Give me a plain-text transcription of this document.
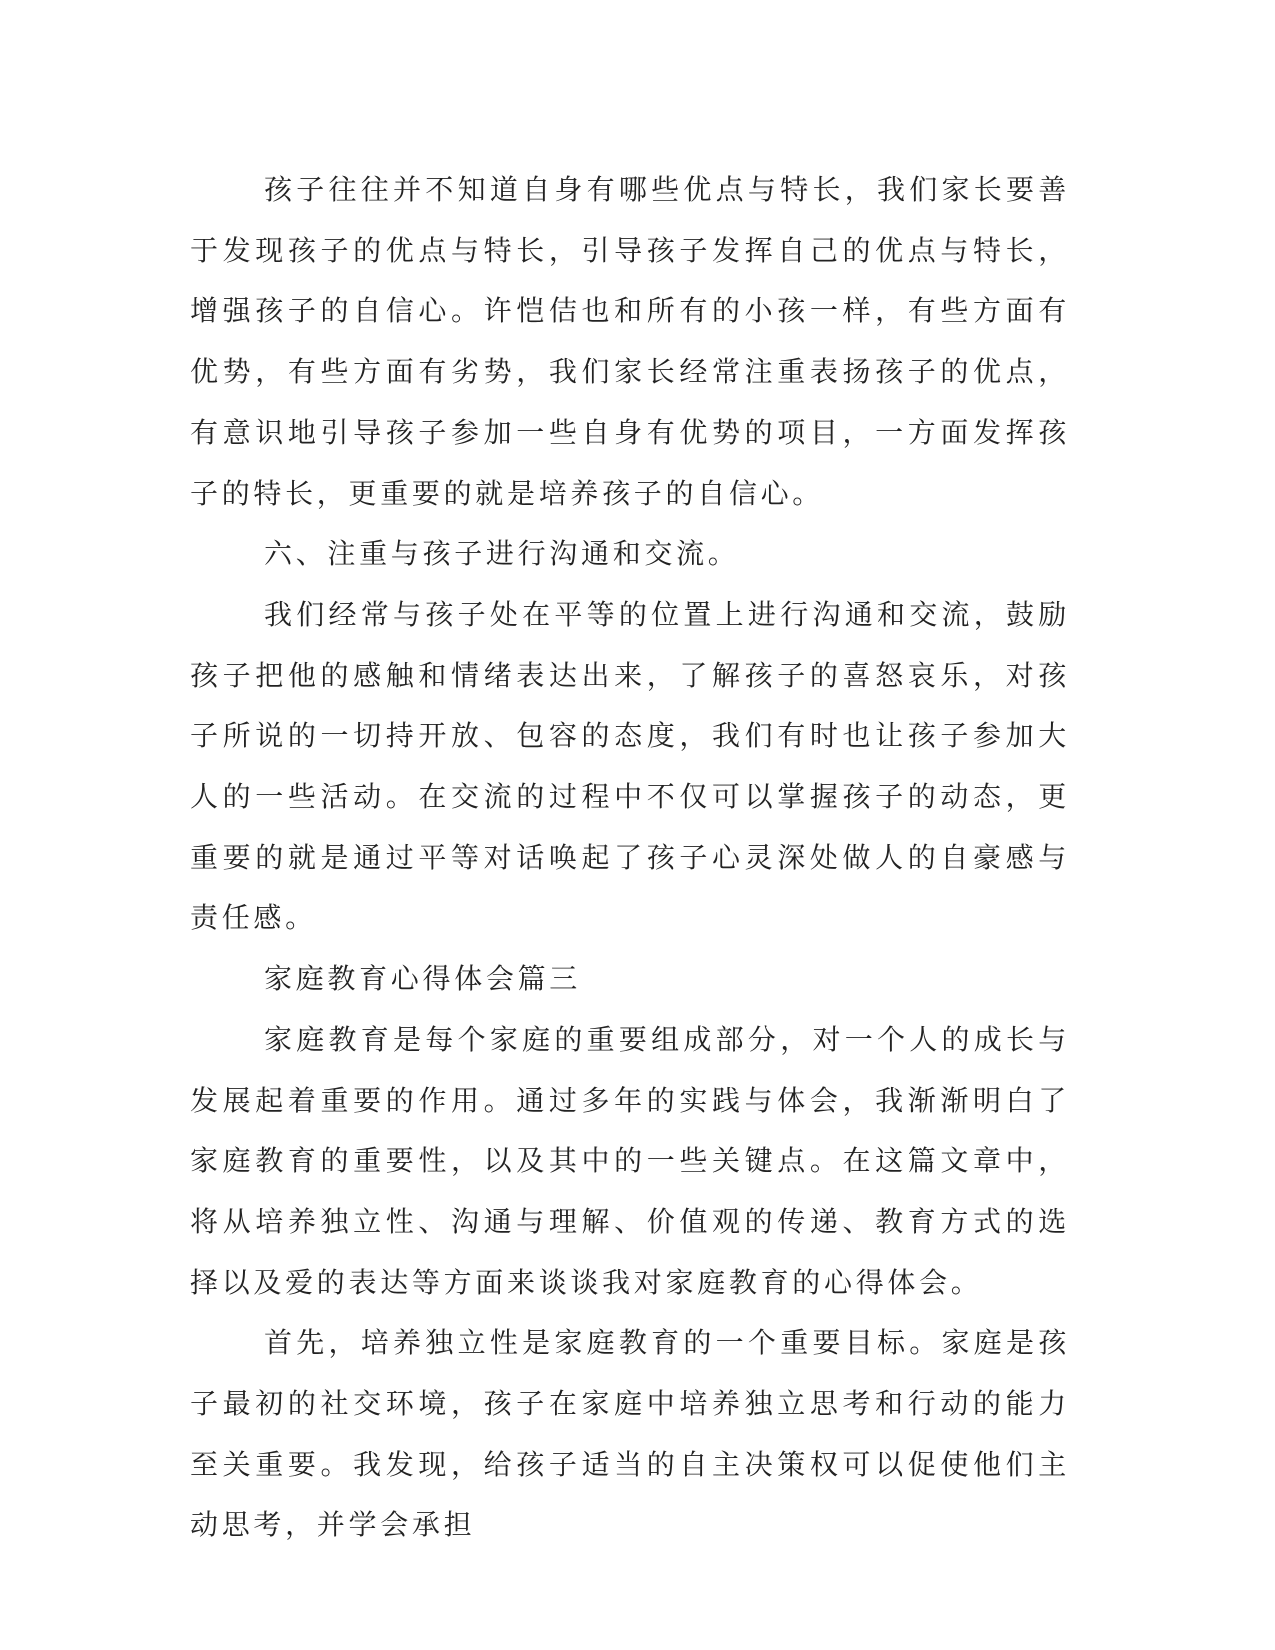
孩子往往并不知道自身有哪些优点与特长，我们家长要善于发现孩子的优点与特长，引导孩子发挥自己的优点与特长，增强孩子的自信心。许恺佶也和所有的小孩一样，有些方面有优势，有些方面有劣势，我们家长经常注重表扬孩子的优点，有意识地引导孩子参加一些自身有优势的项目，一方面发挥孩子的特长，更重要的就是培养孩子的自信心。

六、注重与孩子进行沟通和交流。

我们经常与孩子处在平等的位置上进行沟通和交流，鼓励孩子把他的感触和情绪表达出来，了解孩子的喜怒哀乐，对孩子所说的一切持开放、包容的态度，我们有时也让孩子参加大人的一些活动。在交流的过程中不仅可以掌握孩子的动态，更重要的就是通过平等对话唤起了孩子心灵深处做人的自豪感与责任感。

家庭教育心得体会篇三

家庭教育是每个家庭的重要组成部分，对一个人的成长与发展起着重要的作用。通过多年的实践与体会，我渐渐明白了家庭教育的重要性，以及其中的一些关键点。在这篇文章中，将从培养独立性、沟通与理解、价值观的传递、教育方式的选择以及爱的表达等方面来谈谈我对家庭教育的心得体会。

首先，培养独立性是家庭教育的一个重要目标。家庭是孩子最初的社交环境，孩子在家庭中培养独立思考和行动的能力至关重要。我发现，给孩子适当的自主决策权可以促使他们主动思考，并学会承担
